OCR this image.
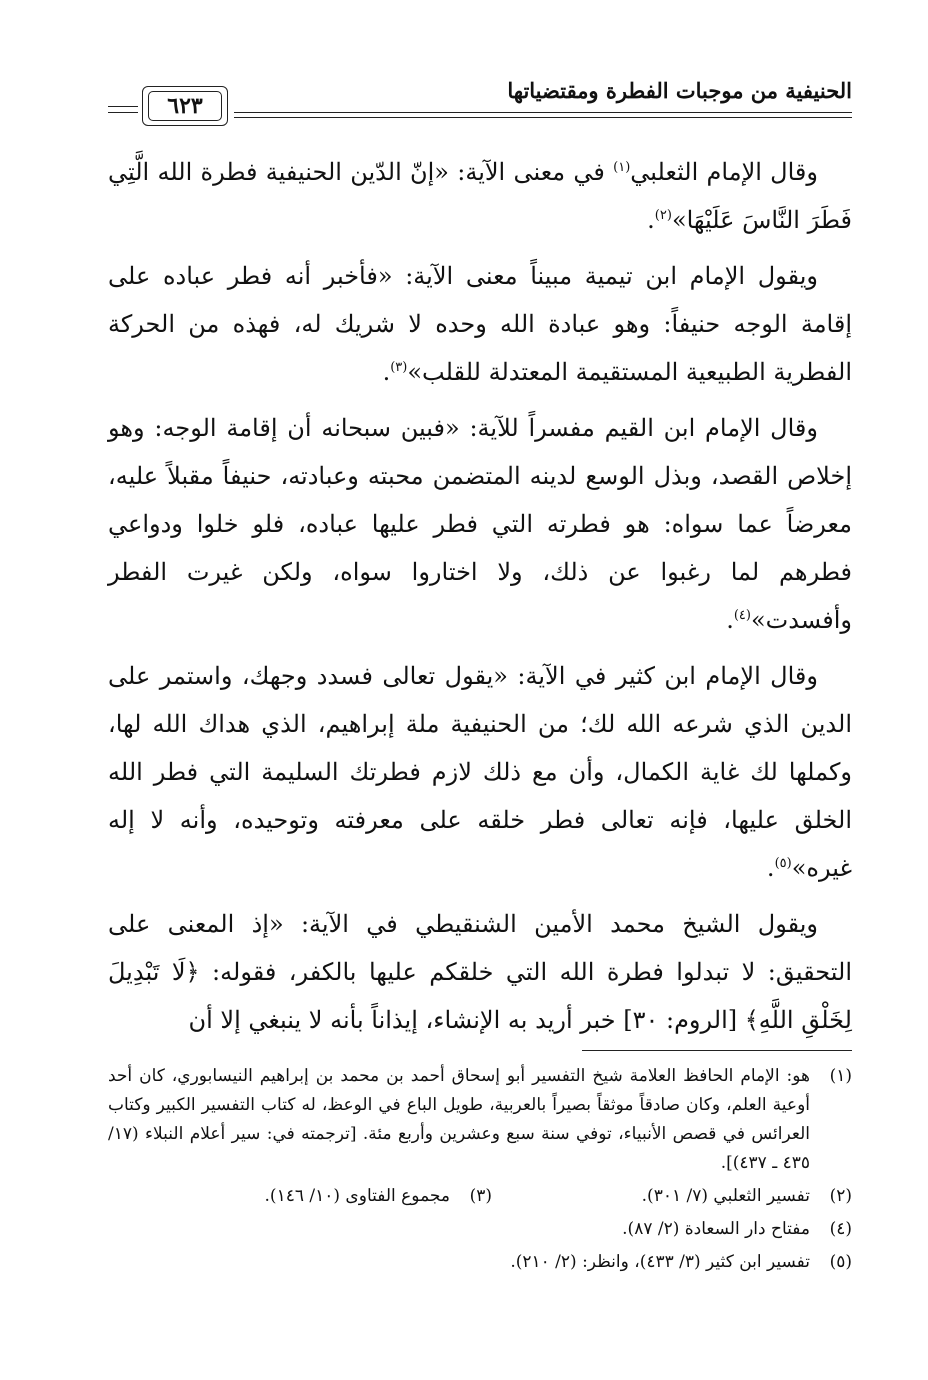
الحنيفية من موجبات الفطرة ومقتضياتها
٦٢٣

وقال الإمام الثعلبي$^{(١)}$ في معنى الآية: «إنّ الدّين الحنيفية فطرة الله الَّتِي فَطَرَ النَّاسَ عَلَيْهَا»$^{(٢)}$.

ويقول الإمام ابن تيمية مبيناً معنى الآية: «فأخبر أنه فطر عباده على إقامة الوجه حنيفاً: وهو عبادة الله وحده لا شريك له، فهذه من الحركة الفطرية الطبيعية المستقيمة المعتدلة للقلب»$^{(٣)}$.

وقال الإمام ابن القيم مفسراً للآية: «فبين سبحانه أن إقامة الوجه: وهو إخلاص القصد، وبذل الوسع لدينه المتضمن محبته وعبادته، حنيفاً مقبلاً عليه، معرضاً عما سواه: هو فطرته التي فطر عليها عباده، فلو خلوا ودواعي فطرهم لما رغبوا عن ذلك، ولا اختاروا سواه، ولكن غيرت الفطر وأفسدت»$^{(٤)}$.

وقال الإمام ابن كثير في الآية: «يقول تعالى فسدد وجهك، واستمر على الدين الذي شرعه الله لك؛ من الحنيفية ملة إبراهيم، الذي هداك الله لها، وكملها لك غاية الكمال، وأن مع ذلك لازم فطرتك السليمة التي فطر الله الخلق عليها، فإنه تعالى فطر خلقه على معرفته وتوحيده، وأنه لا إله غيره»$^{(٥)}$.

ويقول الشيخ محمد الأمين الشنقيطي في الآية: «إذ المعنى على التحقيق: لا تبدلوا فطرة الله التي خلقكم عليها بالكفر، فقوله: ﴿لَا تَبْدِيلَ لِخَلْقِ اللَّهِ﴾ [الروم: ٣٠] خبر أريد به الإنشاء، إيذاناً بأنه لا ينبغي إلا أن

(١)
هو: الإمام الحافظ العلامة شيخ التفسير أبو إسحاق أحمد بن محمد بن إبراهيم النيسابوري، كان أحد أوعية العلم، وكان صادقاً موثقاً بصيراً بالعربية، طويل الباع في الوعظ، له كتاب التفسير الكبير وكتاب العرائس في قصص الأنبياء، توفي سنة سبع وعشرين وأربع مئة. [ترجمته في: سير أعلام النبلاء (١٧/ ٤٣٥ ـ ٤٣٧)].
(٢)
تفسير الثعلبي (٧/ ٣٠١).
(٣)
مجموع الفتاوى (١٠/ ١٤٦).
(٤)
مفتاح دار السعادة (٢/ ٨٧).
(٥)
تفسير ابن كثير (٣/ ٤٣٣)، وانظر: (٢/ ٢١٠).
